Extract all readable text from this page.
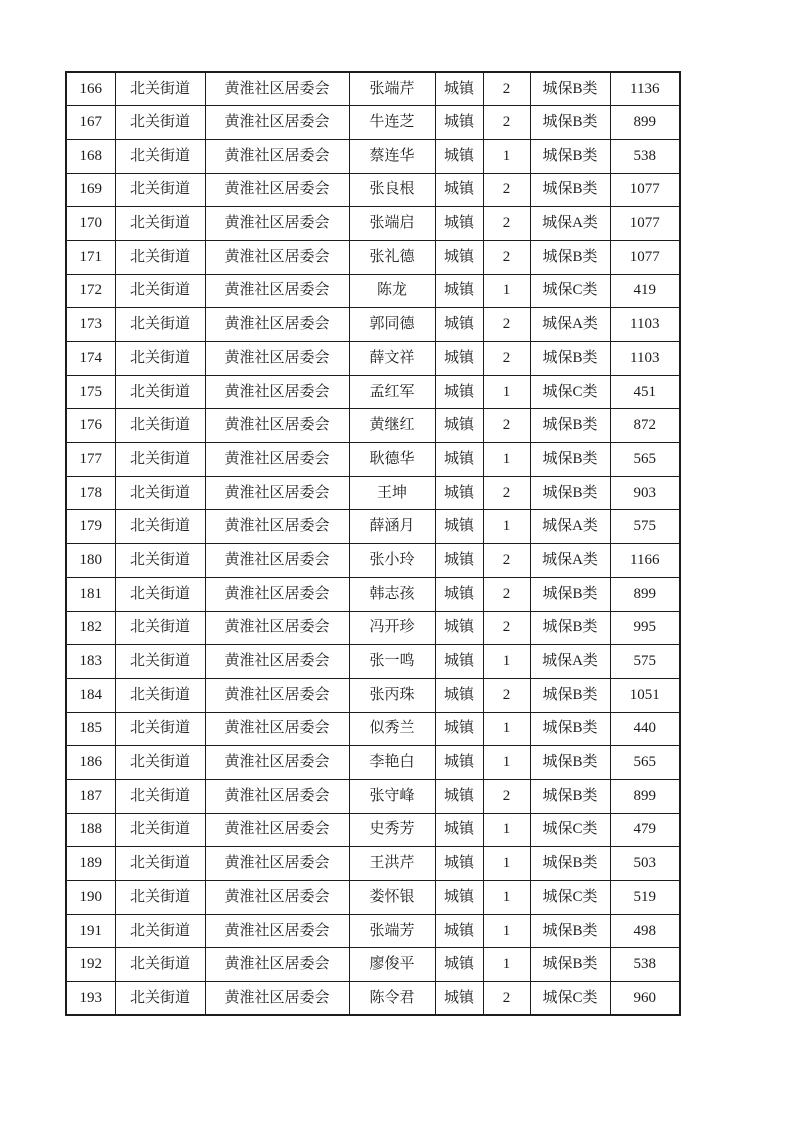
166	北关街道	黄淮社区居委会	张端芹	城镇	2	城保B类	1136
167	北关街道	黄淮社区居委会	牛连芝	城镇	2	城保B类	899
168	北关街道	黄淮社区居委会	蔡连华	城镇	1	城保B类	538
169	北关街道	黄淮社区居委会	张良根	城镇	2	城保B类	1077
170	北关街道	黄淮社区居委会	张端启	城镇	2	城保A类	1077
171	北关街道	黄淮社区居委会	张礼德	城镇	2	城保B类	1077
172	北关街道	黄淮社区居委会	陈龙	城镇	1	城保C类	419
173	北关街道	黄淮社区居委会	郭同德	城镇	2	城保A类	1103
174	北关街道	黄淮社区居委会	薛文祥	城镇	2	城保B类	1103
175	北关街道	黄淮社区居委会	孟红军	城镇	1	城保C类	451
176	北关街道	黄淮社区居委会	黄继红	城镇	2	城保B类	872
177	北关街道	黄淮社区居委会	耿德华	城镇	1	城保B类	565
178	北关街道	黄淮社区居委会	王坤	城镇	2	城保B类	903
179	北关街道	黄淮社区居委会	薛涵月	城镇	1	城保A类	575
180	北关街道	黄淮社区居委会	张小玲	城镇	2	城保A类	1166
181	北关街道	黄淮社区居委会	韩志孩	城镇	2	城保B类	899
182	北关街道	黄淮社区居委会	冯开珍	城镇	2	城保B类	995
183	北关街道	黄淮社区居委会	张一鸣	城镇	1	城保A类	575
184	北关街道	黄淮社区居委会	张丙珠	城镇	2	城保B类	1051
185	北关街道	黄淮社区居委会	似秀兰	城镇	1	城保B类	440
186	北关街道	黄淮社区居委会	李艳白	城镇	1	城保B类	565
187	北关街道	黄淮社区居委会	张守峰	城镇	2	城保B类	899
188	北关街道	黄淮社区居委会	史秀芳	城镇	1	城保C类	479
189	北关街道	黄淮社区居委会	王洪芹	城镇	1	城保B类	503
190	北关街道	黄淮社区居委会	娄怀银	城镇	1	城保C类	519
191	北关街道	黄淮社区居委会	张端芳	城镇	1	城保B类	498
192	北关街道	黄淮社区居委会	廖俊平	城镇	1	城保B类	538
193	北关街道	黄淮社区居委会	陈令君	城镇	2	城保C类	960
